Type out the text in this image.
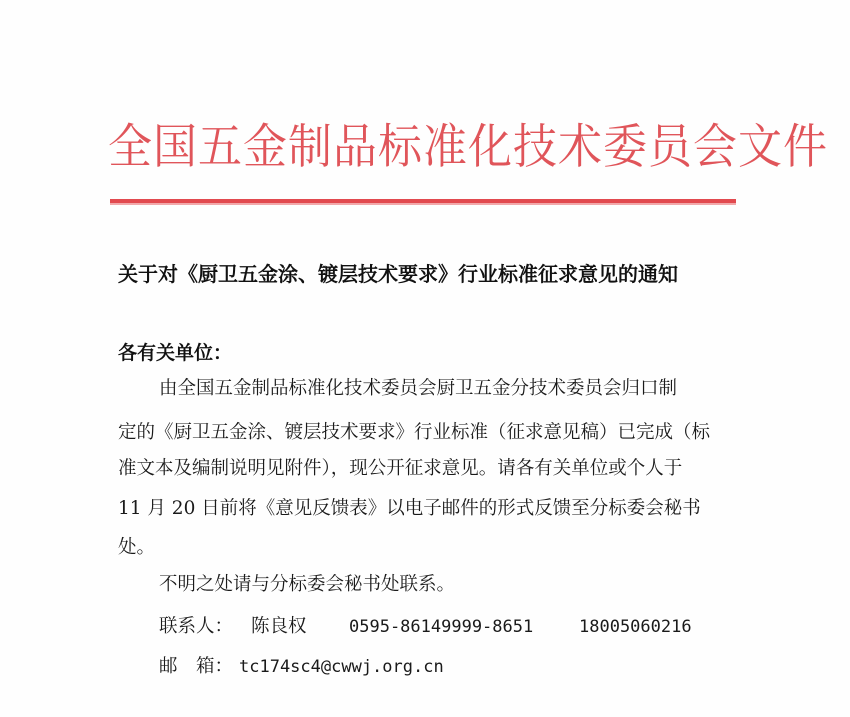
全国五金制品标准化技术委员会文件
关于对《厨卫五金涂、镀层技术要求》行业标准征求意见的通知
各有关单位：
由全国五金制品标准化技术委员会厨卫五金分技术委员会归口制
定的《厨卫五金涂、镀层技术要求》行业标准（征求意见稿）已完成（标
准文本及编制说明见附件），现公开征求意见。请各有关单位或个人于
11 月 20 日前将《意见反馈表》以电子邮件的形式反馈至分标委会秘书
处。
不明之处请与分标委会秘书处联系。
联系人： 陈良权 0595-86149999-8651	18005060216
邮　箱： tc174sc4@cwwj.org.cn
